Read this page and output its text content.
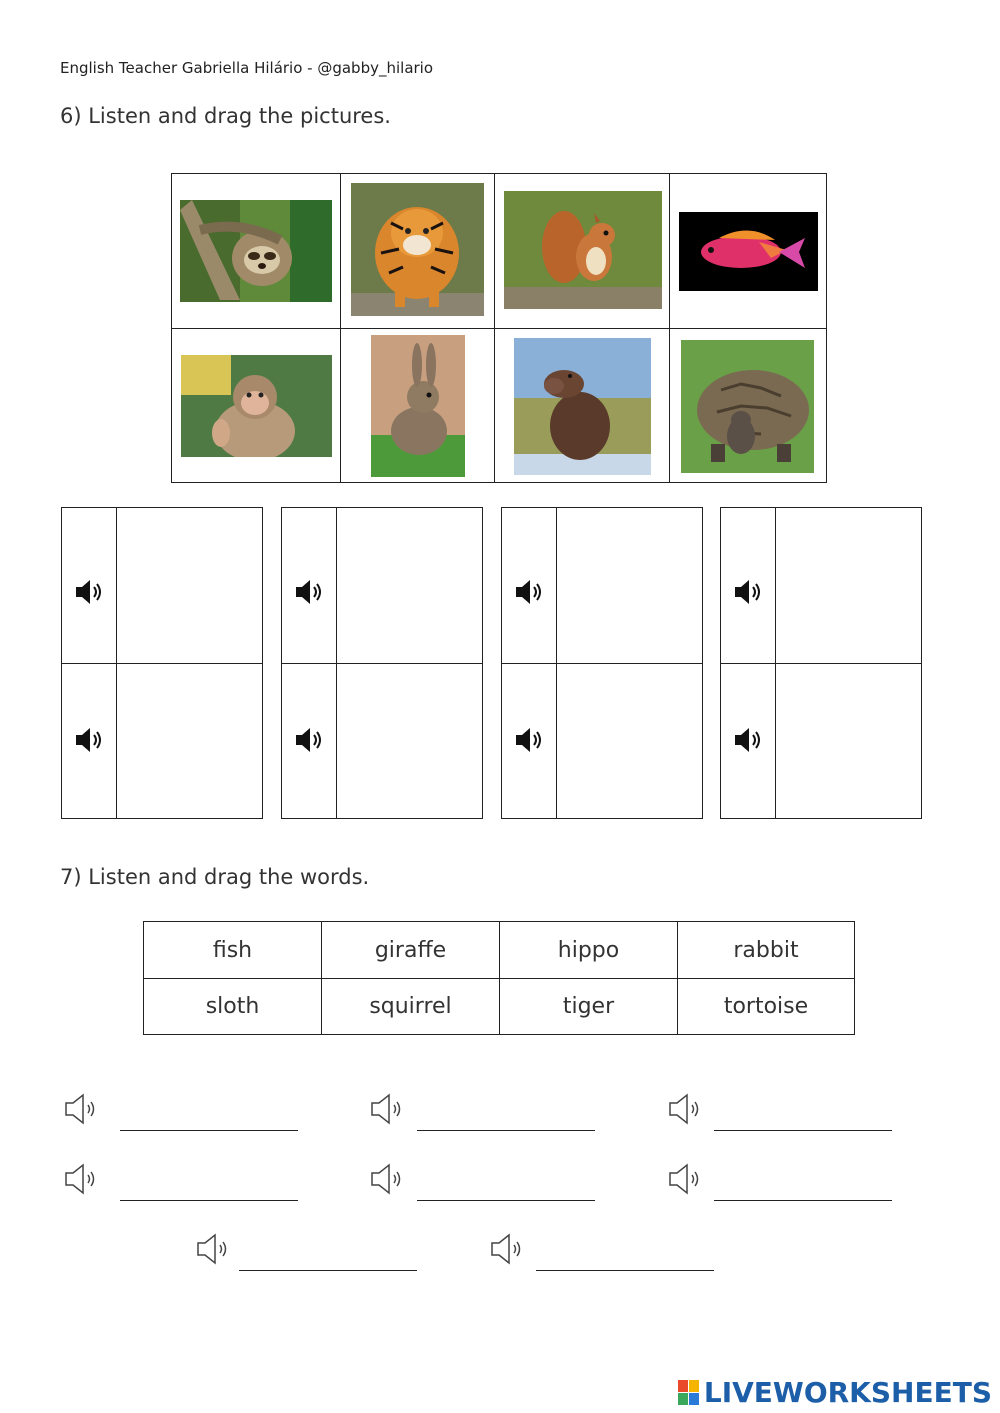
English Teacher Gabriella Hilário - @gabby_hilario
6) Listen and drag the pictures.
7) Listen and drag the words.
fish	giraffe	hippo	rabbit
sloth	squirrel	tiger	tortoise
LIVEWORKSHEETS
